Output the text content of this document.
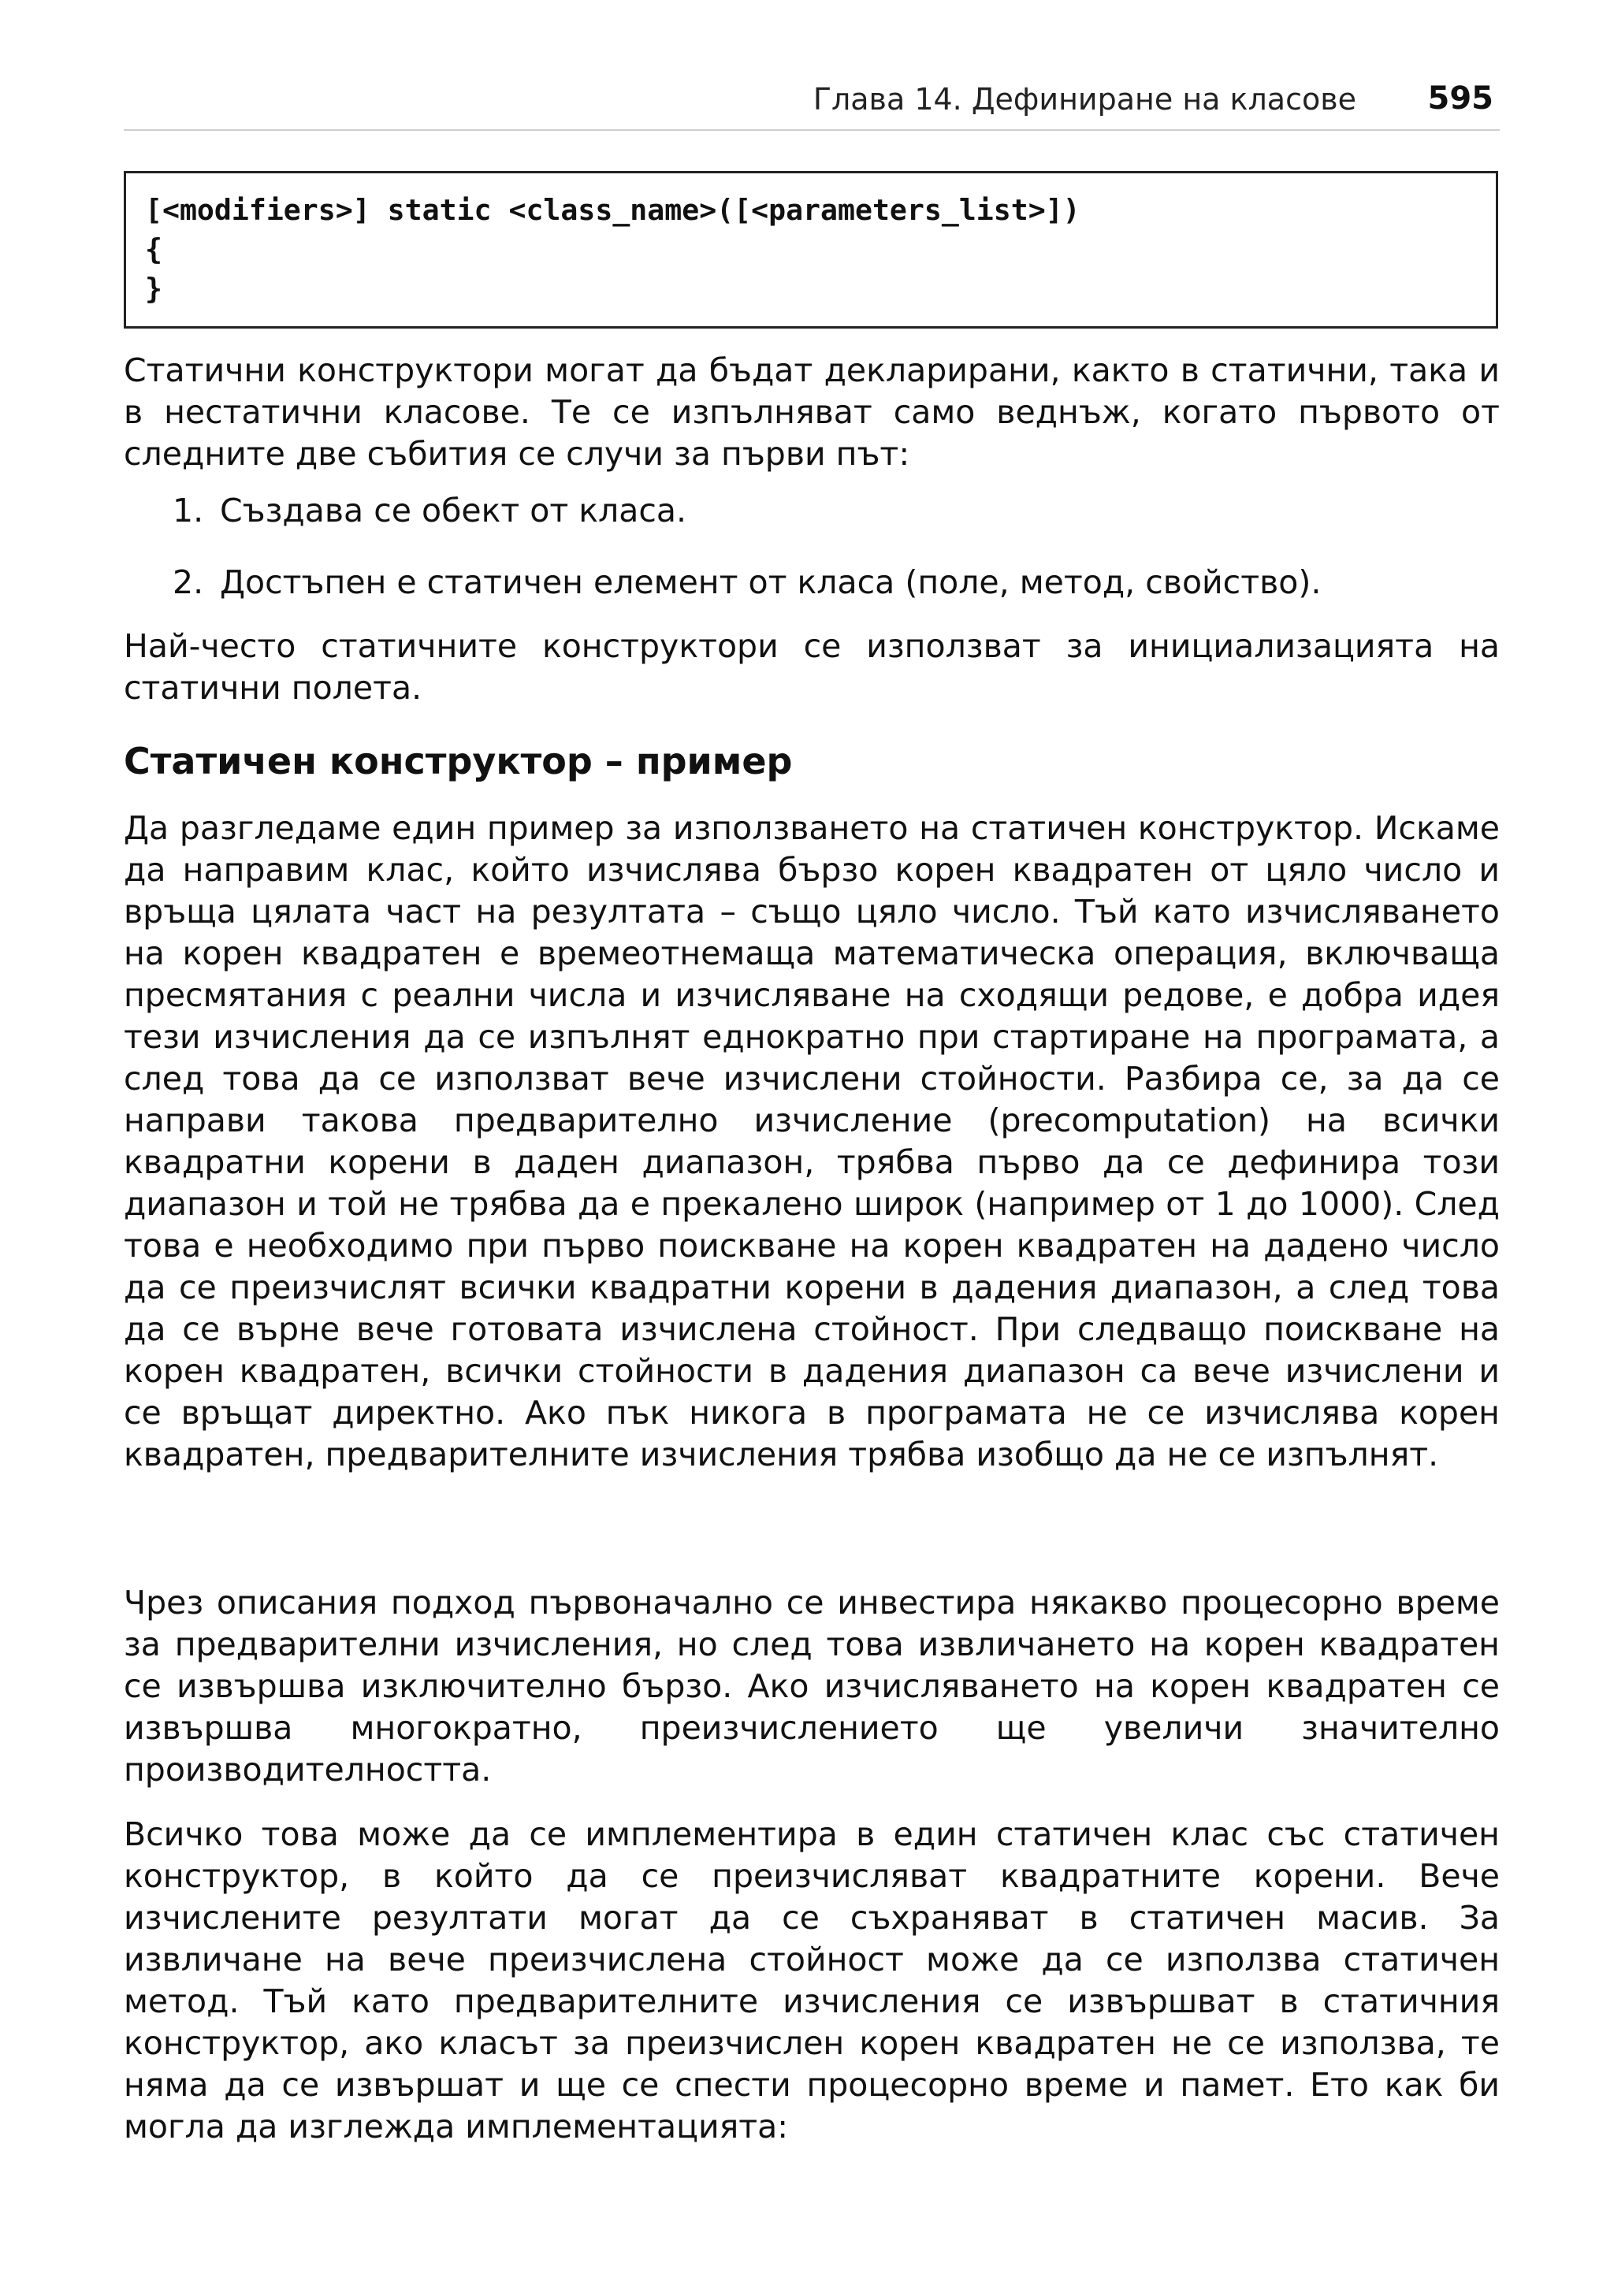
Глава 14. Дефиниране на класове 595
[<modifiers>] static <class_name>([<parameters_list>])
{
}

Статични конструктори могат да бъдат декларирани, както в статични, така и в нестатични класове. Те се изпълняват само веднъж, когато първото от следните две събития се случи за първи път:

1. Създава се обект от класа.
2. Достъпен е статичен елемент от класа (поле, метод, свойство).

Най-често статичните конструктори се използват за инициализацията на статични полета.

Статичен конструктор – пример

Да разгледаме един пример за използването на статичен конструктор. Искаме да направим клас, който изчислява бързо корен квадратен от цяло число и връща цялата част на резултата – също цяло число. Тъй като изчисляването на корен квадратен е времеотнемаща математическа операция, включваща пресмятания с реални числа и изчисляване на сходящи редове, е добра идея тези изчисления да се изпълнят еднократно при стартиране на програмата, а след това да се използват вече изчислени стойности. Разбира се, за да се направи такова предварително изчисление (precomputation) на всички квадратни корени в даден диапазон, трябва първо да се дефинира този диапазон и той не трябва да е прекалено широк (например от 1 до 1000). След това е необходимо при първо поискване на корен квадратен на дадено число да се преизчислят всички квадратни корени в дадения диапазон, а след това да се върне вече готовата изчислена стойност. При следващо поискване на корен квадратен, всички стойности в дадения диапазон са вече изчислени и се връщат директно. Ако пък никога в програмата не се изчислява корен квадратен, предварителните изчисления трябва изобщо да не се изпълнят.

Чрез описания подход първоначално се инвестира някакво процесорно време за предварителни изчисления, но след това извличането на корен квадратен се извършва изключително бързо. Ако изчисляването на корен квадратен се извършва многократно, преизчислението ще увеличи значително производителността.

Всичко това може да се имплементира в един статичен клас със статичен конструктор, в който да се преизчисляват квадратните корени. Вече изчислените резултати могат да се съхраняват в статичен масив. За извличане на вече преизчислена стойност може да се използва статичен метод. Тъй като предварителните изчисления се извършват в статичния конструктор, ако класът за преизчислен корен квадратен не се използва, те няма да се извършат и ще се спести процесорно време и памет. Ето как би могла да изглежда имплементацията:
